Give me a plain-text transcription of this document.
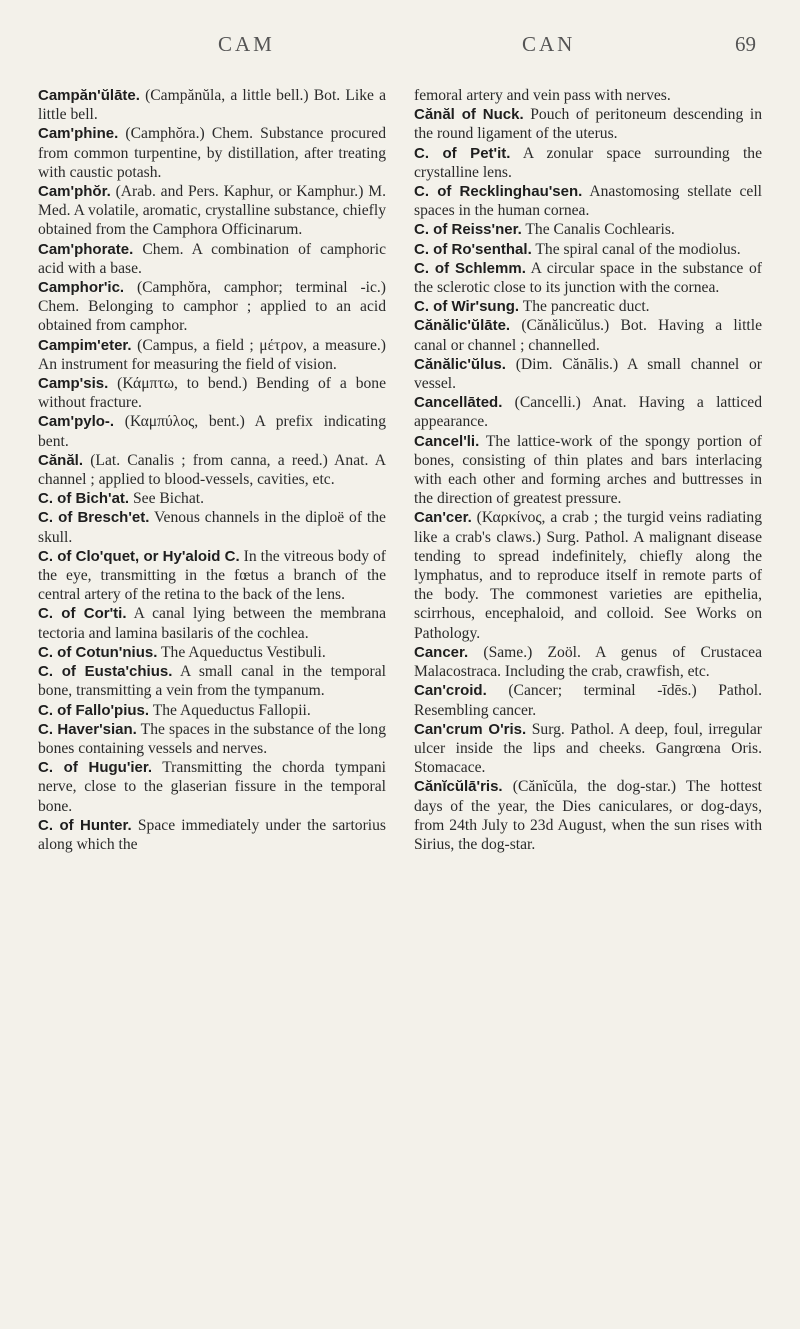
CAM	CAN	69

Campăn'ŭlāte. (Campănŭla, a little bell.) Bot. Like a little bell.

Cam'phine. (Camphŏra.) Chem. Substance procured from common turpentine, by distillation, after treating with caustic potash.

Cam'phŏr. (Arab. and Pers. Kaphur, or Kamphur.) M. Med. A volatile, aromatic, crystalline substance, chiefly obtained from the Camphora Officinarum.

Cam'phorate. Chem. A combination of camphoric acid with a base.

Camphor'ic. (Camphŏra, camphor; terminal -ic.) Chem. Belonging to camphor ; applied to an acid obtained from camphor.

Campim'eter. (Campus, a field ; μέτρον, a measure.) An instrument for measuring the field of vision.

Camp'sis. (Κάμπτω, to bend.) Bending of a bone without fracture.

Cam'pylo-. (Καμπύλος, bent.) A prefix indicating bent.

Cănăl. (Lat. Canalis ; from canna, a reed.) Anat. A channel ; applied to blood-vessels, cavities, etc.

C. of Bich'at. See Bichat.

C. of Bresch'et. Venous channels in the diploë of the skull.

C. of Clo'quet, or Hy'aloid C. In the vitreous body of the eye, transmitting in the fœtus a branch of the central artery of the retina to the back of the lens.

C. of Cor'ti. A canal lying between the membrana tectoria and lamina basilaris of the cochlea.

C. of Cotun'nius. The Aqueductus Vestibuli.

C. of Eusta'chius. A small canal in the temporal bone, transmitting a vein from the tympanum.

C. of Fallo'pius. The Aqueductus Fallopii.

C. Haver'sian. The spaces in the substance of the long bones containing vessels and nerves.

C. of Hugu'ier. Transmitting the chorda tympani nerve, close to the glaserian fissure in the temporal bone.

C. of Hunter. Space immediately under the sartorius along which the

femoral artery and vein pass with nerves.

Cănăl of Nuck. Pouch of peritoneum descending in the round ligament of the uterus.

C. of Pet'it. A zonular space surrounding the crystalline lens.

C. of Recklinghau'sen. Anastomosing stellate cell spaces in the human cornea.

C. of Reiss'ner. The Canalis Cochlearis.

C. of Ro'senthal. The spiral canal of the modiolus.

C. of Schlemm. A circular space in the substance of the sclerotic close to its junction with the cornea.

C. of Wir'sung. The pancreatic duct.

Cănălic'ŭlāte. (Cănălicŭlus.) Bot. Having a little canal or channel ; channelled.

Cănălic'ŭlus. (Dim. Cănālis.) A small channel or vessel.

Cancellāted. (Cancelli.) Anat. Having a latticed appearance.

Cancel'li. The lattice-work of the spongy portion of bones, consisting of thin plates and bars interlacing with each other and forming arches and buttresses in the direction of greatest pressure.

Can'cer. (Καρκίνος, a crab ; the turgid veins radiating like a crab's claws.) Surg. Pathol. A malignant disease tending to spread indefinitely, chiefly along the lymphatus, and to reproduce itself in remote parts of the body. The commonest varieties are epithelia, scirrhous, encephaloid, and colloid. See Works on Pathology.

Cancer. (Same.) Zoöl. A genus of Crustacea Malacostraca. Including the crab, crawfish, etc.

Can'croid. (Cancer; terminal -īdēs.) Pathol. Resembling cancer.

Can'crum O'ris. Surg. Pathol. A deep, foul, irregular ulcer inside the lips and cheeks. Gangrœna Oris. Stomacace.

Cănĭcŭlā'ris. (Cănĭcŭla, the dog-star.) The hottest days of the year, the Dies caniculares, or dog-days, from 24th July to 23d August, when the sun rises with Sirius, the dog-star.
